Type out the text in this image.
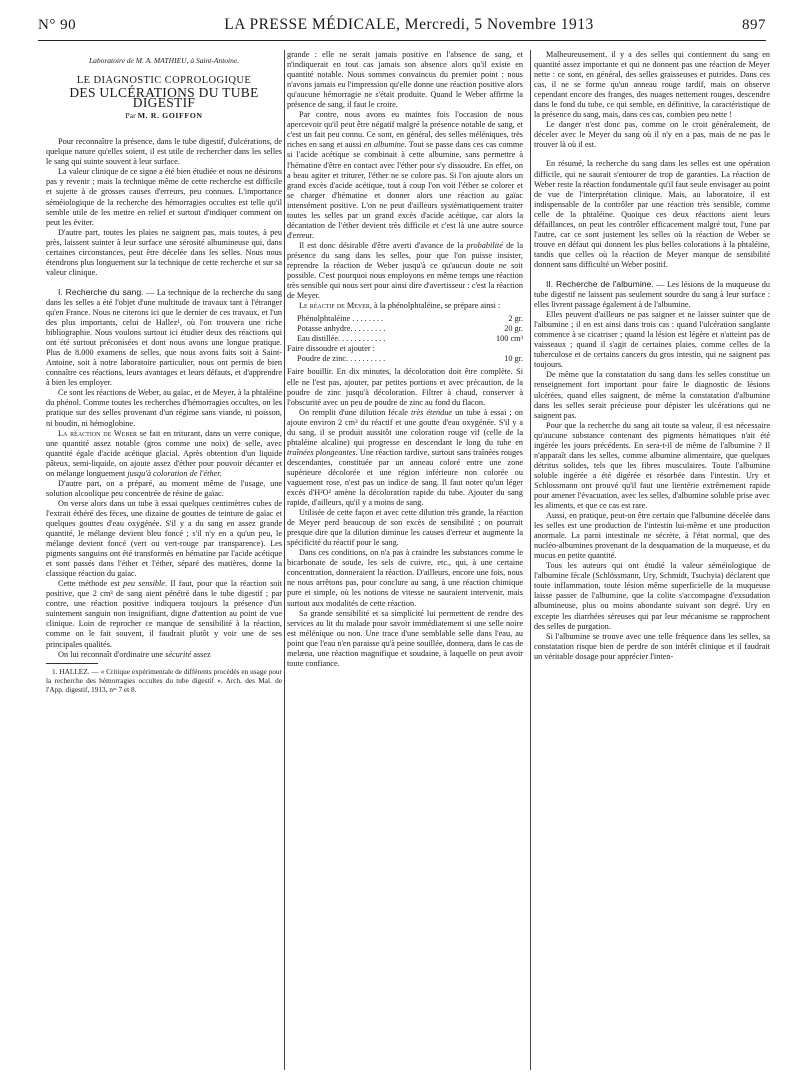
N° 90	LA PRESSE MÉDICALE, Mercredi, 5 Novembre 1913	897

Laboratoire de M. A. MATHIEU, à Saint-Antoine.

LE DIAGNOSTIC COPROLOGIQUE

DES ULCÉRATIONS DU TUBE DIGESTIF

Par M. R. GOIFFON

Pour reconnaître la présence, dans le tube digestif, d'ulcérations, de quelque nature qu'elles soient, il est utile de rechercher dans les selles le sang qui suinte souvent à leur surface.

La valeur clinique de ce signe a été bien étudiée et nous ne désirons pas y revenir ; mais la technique même de cette recherche est difficile et sujette à de grosses causes d'erreurs, peu connues. L'importance séméiologique de la recherche des hémorragies occultes est telle qu'il semble utile de les mettre en relief et surtout d'indiquer comment on peut les éviter.

D'autre part, toutes les plaies ne saignent pas, mais toutes, à peu près, laissent suinter à leur surface une sérosité albumineuse qui, dans certaines circonstances, peut être décelée dans les selles. Nous nous étendrons plus longuement sur la technique de cette recherche et sur sa valeur clinique.

I. Recherche du sang. — La technique de la recherche du sang dans les selles a été l'objet d'une multitude de travaux tant à l'étranger qu'en France. Nous ne citerons ici que le dernier de ces travaux, et l'un des plus importants, celui de Hallez¹, où l'on trouvera une riche bibliographie. Nous voulons surtout ici étudier deux des réactions qui ont été surtout préconisées et dont nous avons une longue pratique. Plus de 8.000 examens de selles, que nous avons faits soit à Saint-Antoine, soit à notre laboratoire particulier, nous ont permis de bien connaître ces réactions, leurs avantages et leurs défauts, et d'apprendre à bien les employer.

Ce sont les réactions de Weber, au gaïac, et de Meyer, à la phtaléine du phénol. Comme toutes les recherches d'hémorragies occultes, on les pratique sur des selles provenant d'un régime sans viande, ni poisson, ni boudin, ni hémoglobine.

La réaction de Weber se fait en triturant, dans un verre conique, une quantité assez notable (gros comme une noix) de selle, avec quantité égale d'acide acétique glacial. Après obtention d'un liquide pâteux, semi-liquide, on ajoute assez d'éther pour pouvoir décanter et on mélange longuement jusqu'à coloration de l'éther.

D'autre part, on a préparé, au moment même de l'usage, une solution alcoolique peu concentrée de résine de gaïac.

On verse alors dans un tube à essai quelques centimètres cubes de l'extrait éthéré des fèces, une dizaine de gouttes de teinture de gaïac et quelques gouttes d'eau oxygénée. S'il y a du sang en assez grande quantité, le mélange devient bleu foncé ; s'il n'y en a qu'un peu, le mélange devient foncé (vert ou vert-rouge par transparence). Les pigments sanguins ont été transformés en hématine par l'acide acétique et sont passés dans l'éther et l'éther, séparé des matières, donne la classique réaction du gaïac.

Cette méthode est peu sensible. Il faut, pour que la réaction soit positive, que 2 cm³ de sang aient pénétré dans le tube digestif ; par contre, une réaction positive indiquera toujours la présence d'un suintement sanguin non insignifiant, digne d'attention au point de vue clinique. Loin de reprocher ce manque de sensibilité à la réaction, comme on le fait souvent, il faudrait plutôt y voir une de ses principales qualités.

On lui reconnaît d'ordinaire une sécurité assez

1. HALLEZ. — « Critique expérimentale de différents procédés en usage pour la recherche des hémorragies occultes du tube digestif ». Arch. des Mal. de l'App. digestif, 1913, nᵒˢ 7 et 8.

grande : elle ne serait jamais positive en l'absence de sang, et n'indiquerait en tout cas jamais son absence alors qu'il existe en quantité notable. Nous sommes convaincus du premier point : nous n'avons jamais eu l'impression qu'elle donne une réaction positive alors qu'aucune hémorragie ne s'était produite. Quand le Weber affirme la présence de sang, il faut le croire.

Par contre, nous avons eu maintes fois l'occasion de nous apercevoir qu'il peut être négatif malgré la présence notable de sang, et c'est un fait peu connu. Ce sont, en général, des selles méléniques, très riches en sang et aussi en albumine. Tout se passe dans ces cas comme si l'acide acétique se combinait à cette albumine, sans permettre à l'hématine d'être en contact avec l'éther pour s'y dissoudre. En effet, on a beau agiter et triturer, l'éther ne se colore pas. Si l'on ajoute alors un grand excès d'acide acétique, tout à coup l'on voit l'éther se colorer et se charger d'hématine et donner alors une réaction au gaïac intensément positive. L'on ne peut d'ailleurs systématiquement traiter toutes les selles par un grand excès d'acide acétique, car alors la décantation de l'éther devient très difficile et c'est là une autre source d'erreur.

Il est donc désirable d'être averti d'avance de la probabilité de la présence du sang dans les selles, pour que l'on puisse insister, reprendre la réaction de Weber jusqu'à ce qu'aucun doute ne soit possible. C'est pourquoi nous employons en même temps une réaction très sensible qui nous sert pour ainsi dire d'avertisseur : c'est la réaction de Meyer.

Le réactif de Meyer, à la phénolphtaléine, se prépare ainsi :

Phénolphtaléine . . . . . . . .	2 gr.
Potasse anhydre. . . . . . . . .	20 gr.
Eau distillée. . . . . . . . . . . .	100 cm³
Faire dissoudre et ajouter :
Poudre de zinc. . . . . . . . . .	10 gr.

Faire bouillir. En dix minutes, la décoloration doit être complète. Si elle ne l'est pas, ajouter, par petites portions et avec précaution, de la poudre de zinc jusqu'à décoloration. Filtrer à chaud, conserver à l'obscurité avec un peu de poudre de zinc au fond du flacon.

On remplit d'une dilution fécale très étendue un tube à essai ; on ajoute environ 2 cm³ du réactif et une goutte d'eau oxygénée. S'il y a du sang, il se produit aussitôt une coloration rouge vif (celle de la phtaléine alcaline) qui progresse en descendant le long du tube en traînées plongeantes. Une réaction tardive, surtout sans traînées rouges descendantes, constituée par un anneau coloré entre une zone supérieure décolorée et une région inférieure non colorée ou vaguement rose, n'est pas un indice de sang. Il faut noter qu'un léger excès d'H²O² amène la décoloration rapide du tube. Ajouter du sang rapide, d'ailleurs, qu'il y a moins de sang.

Utilisée de cette façon et avec cette dilution très grande, la réaction de Meyer perd beaucoup de son excès de sensibilité ; on pourrait presque dire que la dilution diminue les causes d'erreur et augmente la spécificité du réactif pour le sang.

Dans ces conditions, on n'a pas à craindre les substances comme le bicarbonate de soude, les sels de cuivre, etc., qui, à une certaine concentration, donneraient la réaction. D'ailleurs, encore une fois, nous ne nous arrêtons pas, pour conclure au sang, à une réaction chimique pure et simple, où les notions de vitesse ne sauraient intervenir, mais surtout aux modalités de cette réaction.

Sa grande sensibilité et sa simplicité lui permettent de rendre des services au lit du malade pour savoir immédiatement si une selle noire est mélénique ou non. Une trace d'une semblable selle dans l'eau, au point que l'eau n'en paraisse qu'à peine souillée, donnera, dans le cas de melæna, une réaction magnifique et soudaine, à laquelle on peut avoir toute confiance.

Malheureusement, il y a des selles qui contiennent du sang en quantité assez importante et qui ne donnent pas une réaction de Meyer nette : ce sont, en général, des selles graisseuses et putrides. Dans ces cas, il ne se forme qu'un anneau rouge tardif, mais on observe cependant encore des franges, des nuages nettement rouges, descendre dans le fond du tube, ce qui semble, en définitive, la caractéristique de la présence du sang, mais, dans ces cas, combien peu nette !

Le danger n'est donc pas, comme on le croit généralement, de déceler avec le Meyer du sang où il n'y en a pas, mais de ne pas le trouver là où il est.

En résumé, la recherche du sang dans les selles est une opération difficile, qui ne saurait s'entourer de trop de garanties. La réaction de Weber reste la réaction fondamentale qu'il faut seule envisager au point de vue de l'interprétation clinique. Mais, au laboratoire, il est indispensable de la contrôler par une réaction très sensible, comme celle de la phtaléine. Quoique ces deux réactions aient leurs défaillances, on peut les contrôler efficacement malgré tout, l'une par l'autre, car ce sont justement les selles où la réaction de Weber se trouve en défaut qui donnent les plus belles colorations à la phtaléine, tandis que celles où la réaction de Meyer manque de sensibilité donnent sans difficulté un Weber positif.

II. Recherche de l'albumine. — Les lésions de la muqueuse du tube digestif ne laissent pas seulement sourdre du sang à leur surface : elles livrent passage également à de l'albumine.

Elles peuvent d'ailleurs ne pas saigner et ne laisser suinter que de l'albumine ; il en est ainsi dans trois cas : quand l'ulcération sanglante commence à se cicatriser ; quand la lésion est légère et n'atteint pas de vaisseaux ; quand il s'agit de certaines plaies, comme celles de la tuberculose et de certains cancers du gros intestin, qui ne saignent pas toujours.

De même que la constatation du sang dans les selles constitue un renseignement fort important pour faire le diagnostic de lésions ulcérées, quand elles saignent, de même la constatation d'albumine dans les selles serait précieuse pour dépister les ulcérations qui ne saignent pas.

Pour que la recherche du sang ait toute sa valeur, il est nécessaire qu'aucune substance contenant des pigments hématiques n'ait été ingérée les jours précédents. En sera-t-il de même de l'albumine ? Il n'apparaît dans les selles, comme albumine alimentaire, que quelques détritus solides, tels que les fibres musculaires. Toute l'albumine soluble ingérée a été digérée et résorbée dans l'intestin. Ury et Schlossmann ont prouvé qu'il faut une lientérie extrêmement rapide pour amener l'évacuation, avec les selles, d'albumine soluble prise avec les aliments, et que ce cas est rare.

Aussi, en pratique, peut-on être certain que l'albumine décelée dans les selles est une production de l'intestin lui-même et une production anormale. La paroi intestinale ne sécrète, à l'état normal, que des nucléo-albumines provenant de la desquamation de la muqueuse, et du mucus en petite quantité.

Tous les auteurs qui ont étudié la valeur séméiologique de l'albumine fécale (Schlössmann, Ury, Schmidt, Tsuchyia) déclarent que toute inflammation, toute lésion même superficielle de la muqueuse laisse passer de l'albumine, que la colite s'accompagne d'exsudation albumineuse, plus ou moins abondante suivant son degré. Ury en excepte les diarrhées séreuses qui par leur mécanisme se rapprochent des selles de purgation.

Si l'albumine se trouve avec une telle fréquence dans les selles, sa constatation risque bien de perdre de son intérêt clinique et il faudrait un véritable dosage pour apprécier l'inten-
